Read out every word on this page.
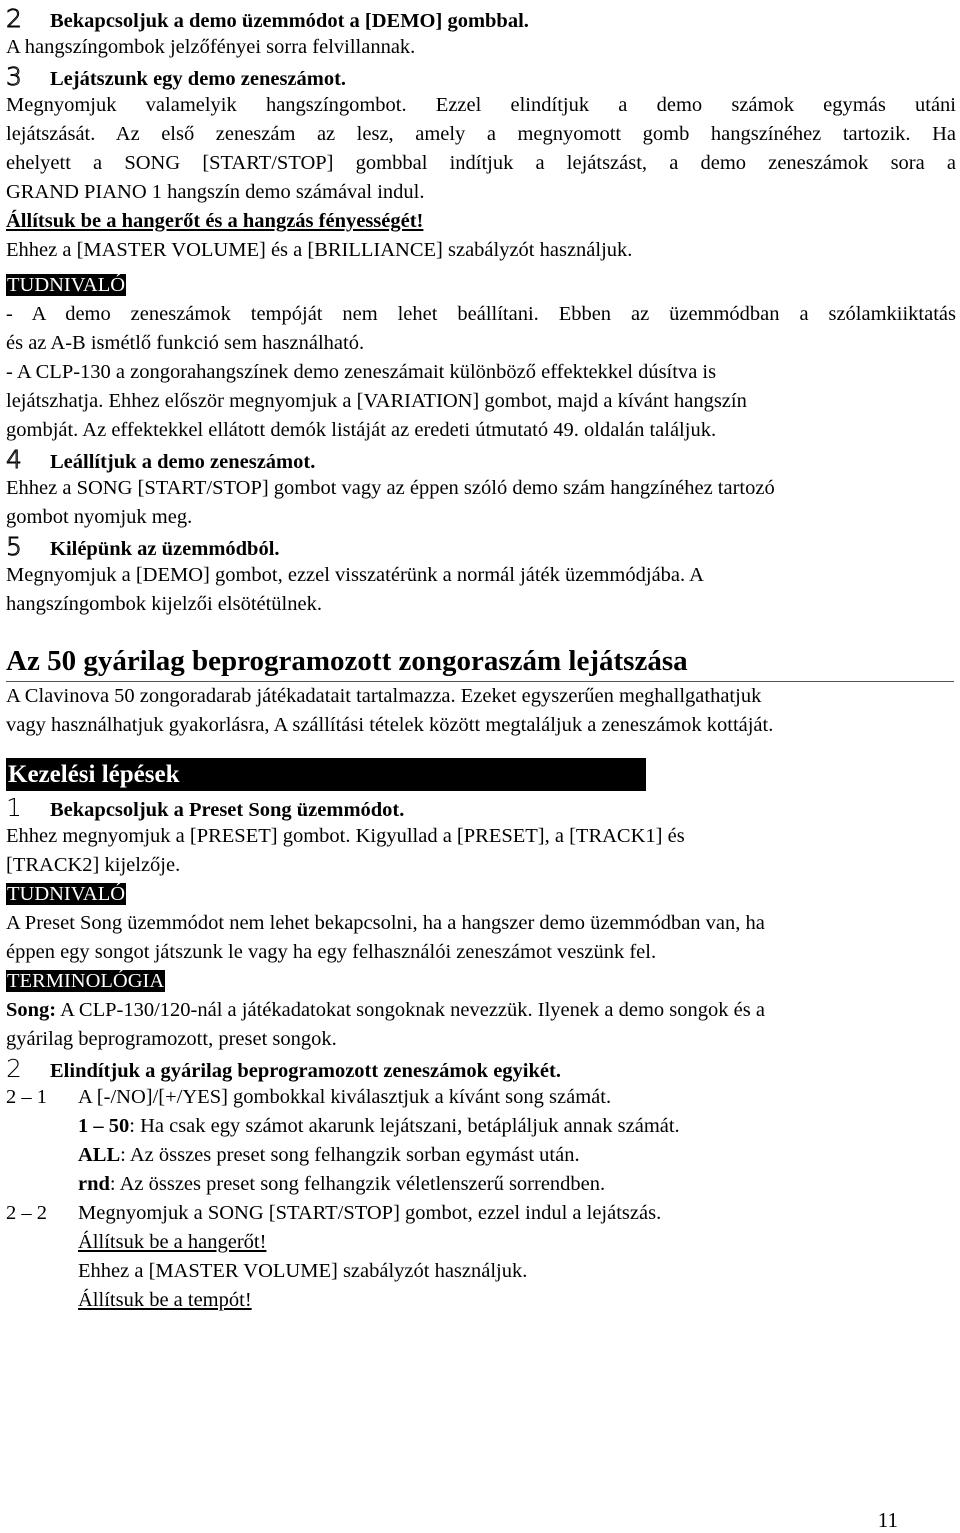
2 Bekapcsoljuk a demo üzemmódot a [DEMO] gombbal.
A hangszíngombok jelzőfényei sorra felvillannak.
3 Lejátszunk egy demo zeneszámot.
Megnyomjuk valamelyik hangszíngombot. Ezzel elindítjuk a demo számok egymás utáni
lejátszását. Az első zeneszám az lesz, amely a megnyomott gomb hangszínéhez tartozik. Ha
ehelyett a SONG [START/STOP] gombbal indítjuk a lejátszást, a demo zeneszámok sora a
GRAND PIANO 1 hangszín demo számával indul.
Állítsuk be a hangerőt és a hangzás fényességét!
Ehhez a [MASTER VOLUME] és a [BRILLIANCE] szabályzót használjuk.
TUDNIVALÓ
- A demo zeneszámok tempóját nem lehet beállítani. Ebben az üzemmódban a szólamkiiktatás
és az A-B ismétlő funkció sem használható.
- A CLP-130 a zongorahangszínek demo zeneszámait különböző effektekkel dúsítva is
lejátszhatja. Ehhez először megnyomjuk a [VARIATION] gombot, majd a kívánt hangszín
gombját. Az effektekkel ellátott demók listáját az eredeti útmutató 49. oldalán találjuk.
4 Leállítjuk a demo zeneszámot.
Ehhez a SONG [START/STOP] gombot vagy az éppen szóló demo szám hangzínéhez tartozó
gombot nyomjuk meg.
5 Kilépünk az üzemmódból.
Megnyomjuk a [DEMO] gombot, ezzel visszatérünk a normál játék üzemmódjába. A
hangszíngombok kijelzői elsötétülnek.
Az 50 gyárilag beprogramozott zongoraszám lejátszása
A Clavinova 50 zongoradarab játékadatait tartalmazza. Ezeket egyszerűen meghallgathatjuk
vagy használhatjuk gyakorlásra, A szállítási tételek között megtaláljuk a zeneszámok kottáját.
Kezelési lépések
1 Bekapcsoljuk a Preset Song üzemmódot.
Ehhez megnyomjuk a [PRESET] gombot. Kigyullad a [PRESET], a [TRACK1] és
[TRACK2] kijelzője.
TUDNIVALÓ
A Preset Song üzemmódot nem lehet bekapcsolni, ha a hangszer demo üzemmódban van, ha
éppen egy songot játszunk le vagy ha egy felhasználói zeneszámot veszünk fel.
TERMINOLÓGIA
Song: A CLP-130/120-nál a játékadatokat songoknak nevezzük. Ilyenek a demo songok és a
gyárilag beprogramozott, preset songok.
2 Elindítjuk a gyárilag beprogramozott zeneszámok egyikét.
2 – 1 A [-/NO]/[+/YES] gombokkal kiválasztjuk a kívánt song számát.
1 – 50: Ha csak egy számot akarunk lejátszani, betápláljuk annak számát.
ALL: Az összes preset song felhangzik sorban egymást után.
rnd: Az összes preset song felhangzik véletlenszerű sorrendben.
2 – 2 Megnyomjuk a SONG [START/STOP] gombot, ezzel indul a lejátszás.
Állítsuk be a hangerőt!
Ehhez a [MASTER VOLUME] szabályzót használjuk.
Állítsuk be a tempót!
11
